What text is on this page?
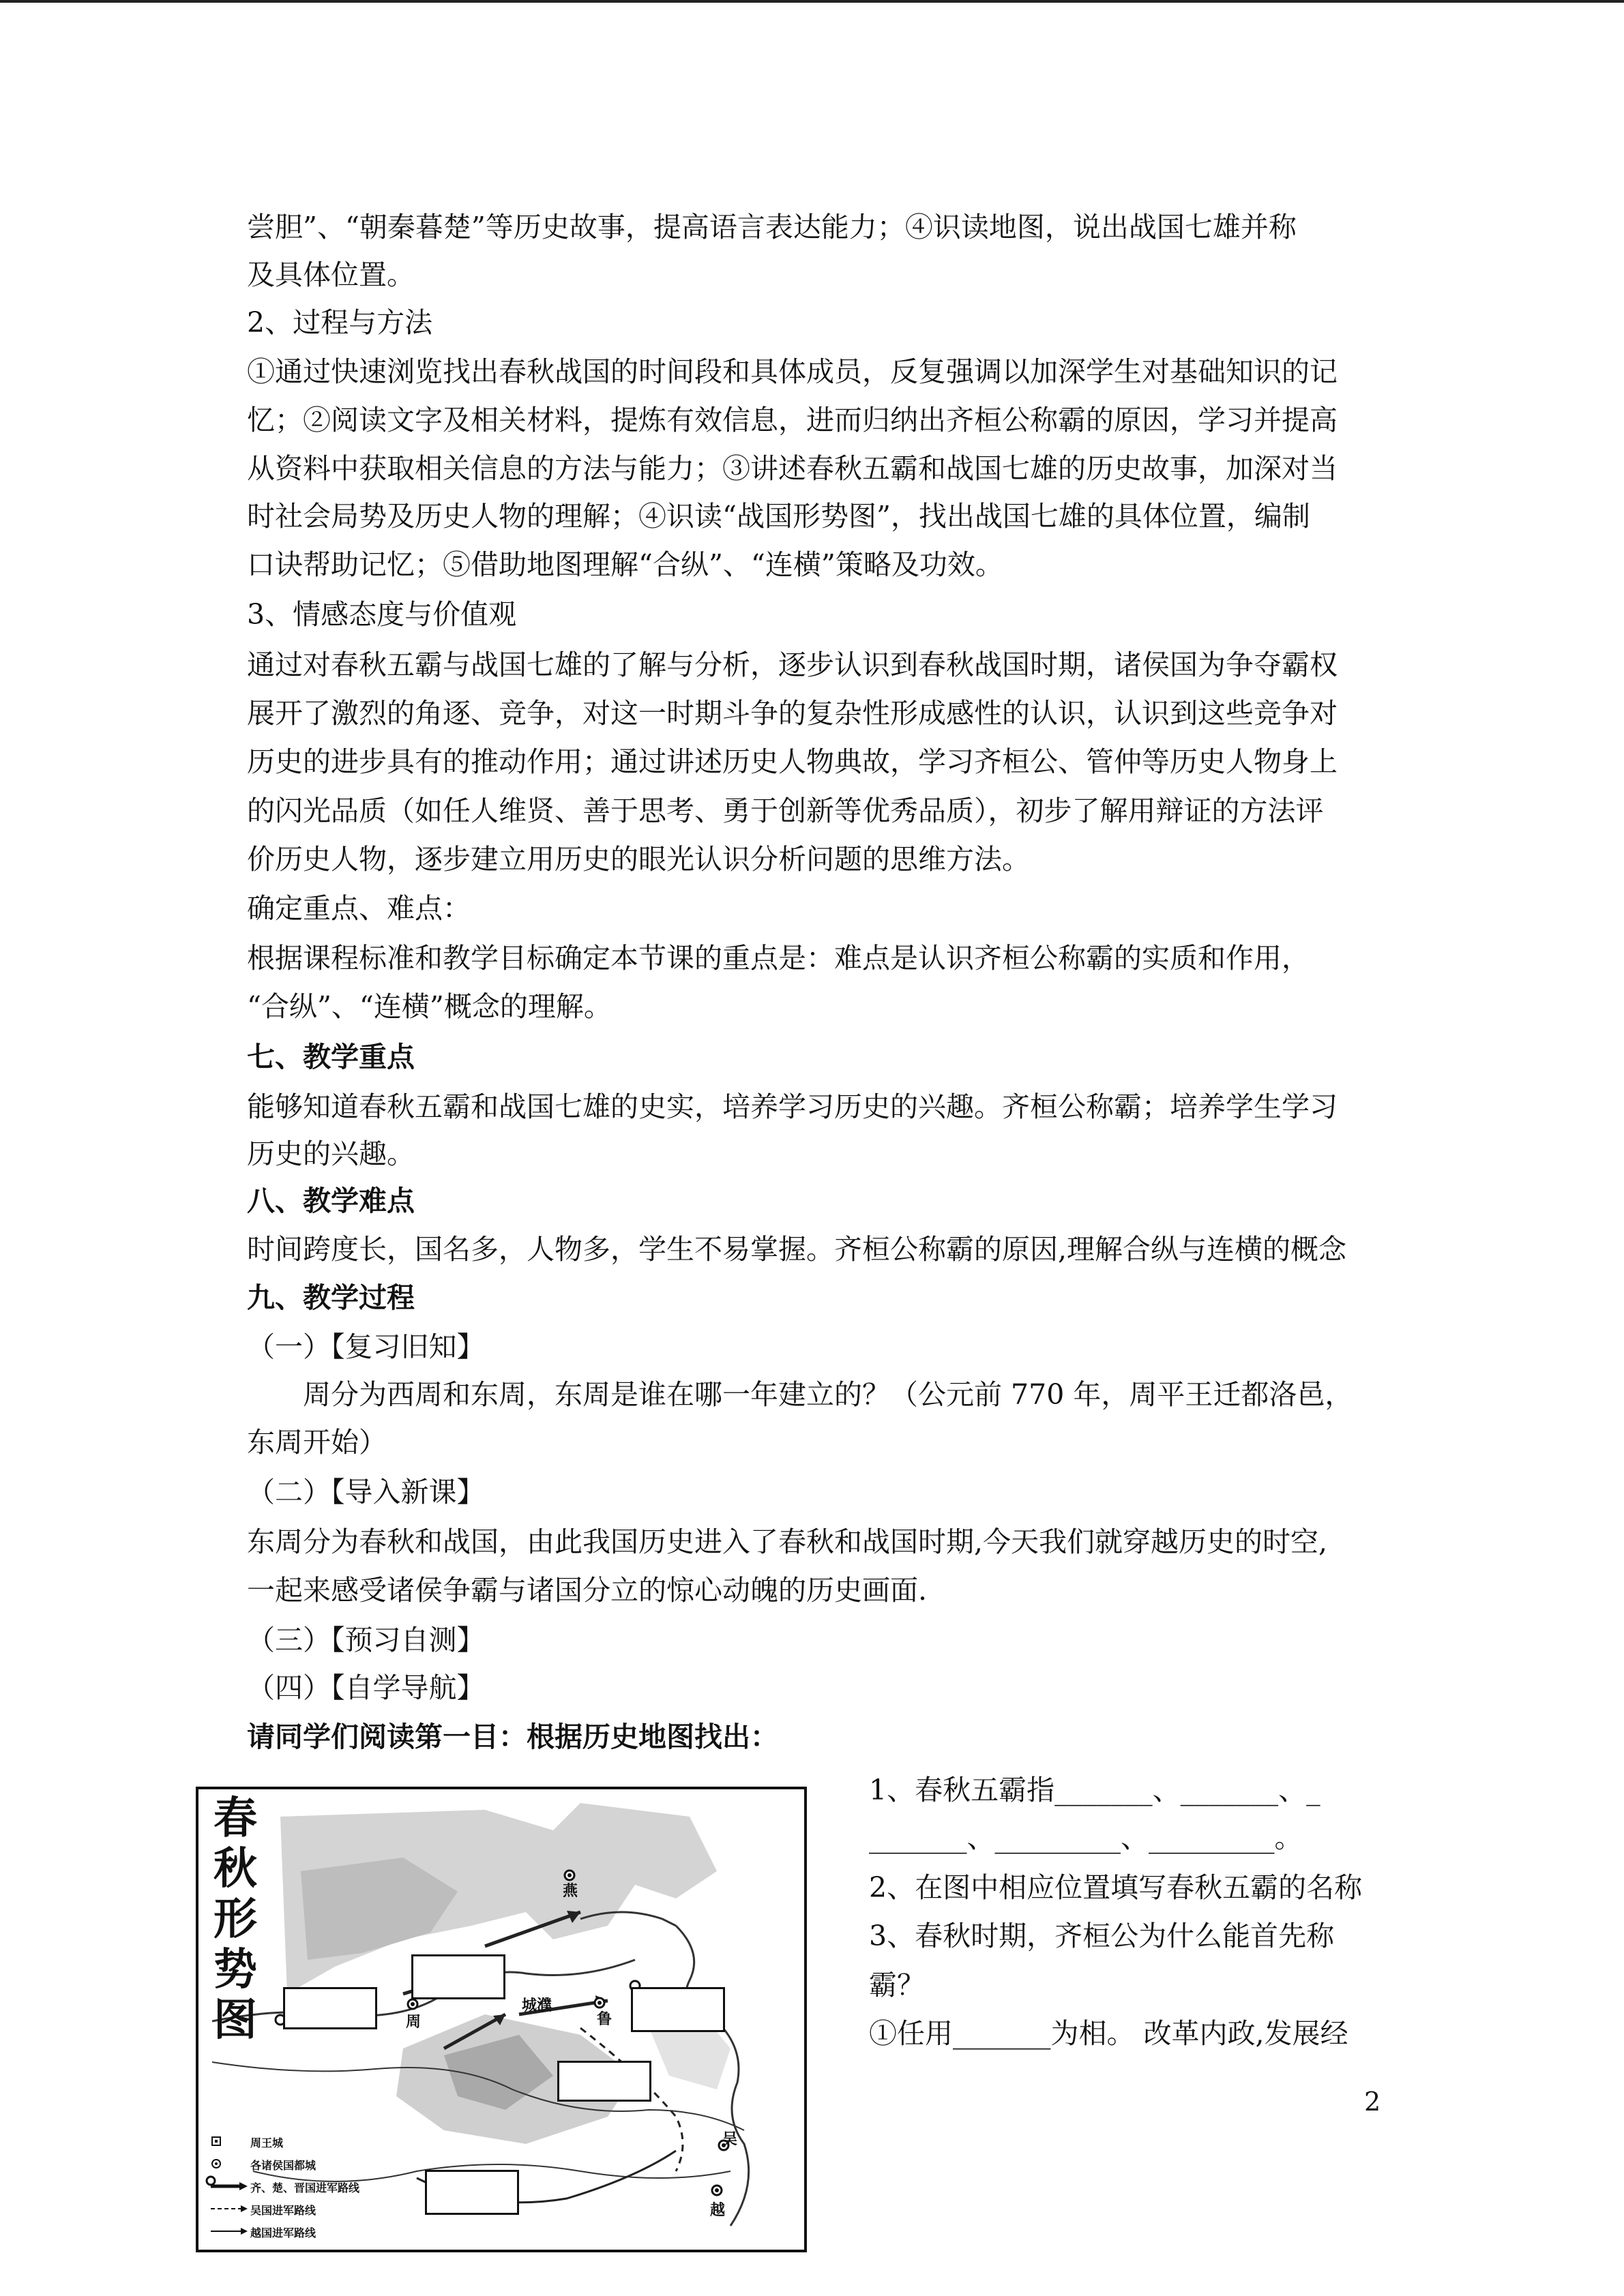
尝胆”、“朝秦暮楚”等历史故事，提高语言表达能力；④识读地图，说出战国七雄并称
及具体位置。
2、过程与方法
①通过快速浏览找出春秋战国的时间段和具体成员，反复强调以加深学生对基础知识的记
忆；②阅读文字及相关材料，提炼有效信息，进而归纳出齐桓公称霸的原因，学习并提高
从资料中获取相关信息的方法与能力；③讲述春秋五霸和战国七雄的历史故事，加深对当
时社会局势及历史人物的理解；④识读“战国形势图”，找出战国七雄的具体位置，编制
口诀帮助记忆；⑤借助地图理解“合纵”、“连横”策略及功效。
3、情感态度与价值观
通过对春秋五霸与战国七雄的了解与分析，逐步认识到春秋战国时期，诸侯国为争夺霸权
展开了激烈的角逐、竞争，对这一时期斗争的复杂性形成感性的认识，认识到这些竞争对
历史的进步具有的推动作用；通过讲述历史人物典故，学习齐桓公、管仲等历史人物身上
的闪光品质（如任人维贤、善于思考、勇于创新等优秀品质），初步了解用辩证的方法评
价历史人物，逐步建立用历史的眼光认识分析问题的思维方法。
确定重点、难点：
根据课程标准和教学目标确定本节课的重点是：难点是认识齐桓公称霸的实质和作用，
“合纵”、“连横”概念的理解。
七、教学重点
能够知道春秋五霸和战国七雄的史实，培养学习历史的兴趣。齐桓公称霸；培养学生学习
历史的兴趣。
八、教学难点
时间跨度长，国名多，人物多，学生不易掌握。齐桓公称霸的原因,理解合纵与连横的概念
九、教学过程
（一）【复习旧知】
周分为西周和东周，东周是谁在哪一年建立的？（公元前 770 年，周平王迁都洛邑，
东周开始）
（二）【导入新课】
东周分为春秋和战国，由此我国历史进入了春秋和战国时期,今天我们就穿越历史的时空,
一起来感受诸侯争霸与诸国分立的惊心动魄的历史画面.
（三）【预习自测】
（四）【自学导航】
请同学们阅读第一目：根据历史地图找出：
1、春秋五霸指_______、_______、_
_______、_________、_________。
2、在图中相应位置填写春秋五霸的名称
3、春秋时期，齐桓公为什么能首先称
霸？
①任用_______为相。 改革内政,发展经
春
秋
形
势
图
燕
城濮
鲁
周
吴
越
周王城
各诸侯国都城
齐、楚、晋国进军路线
吴国进军路线
越国进军路线
2
